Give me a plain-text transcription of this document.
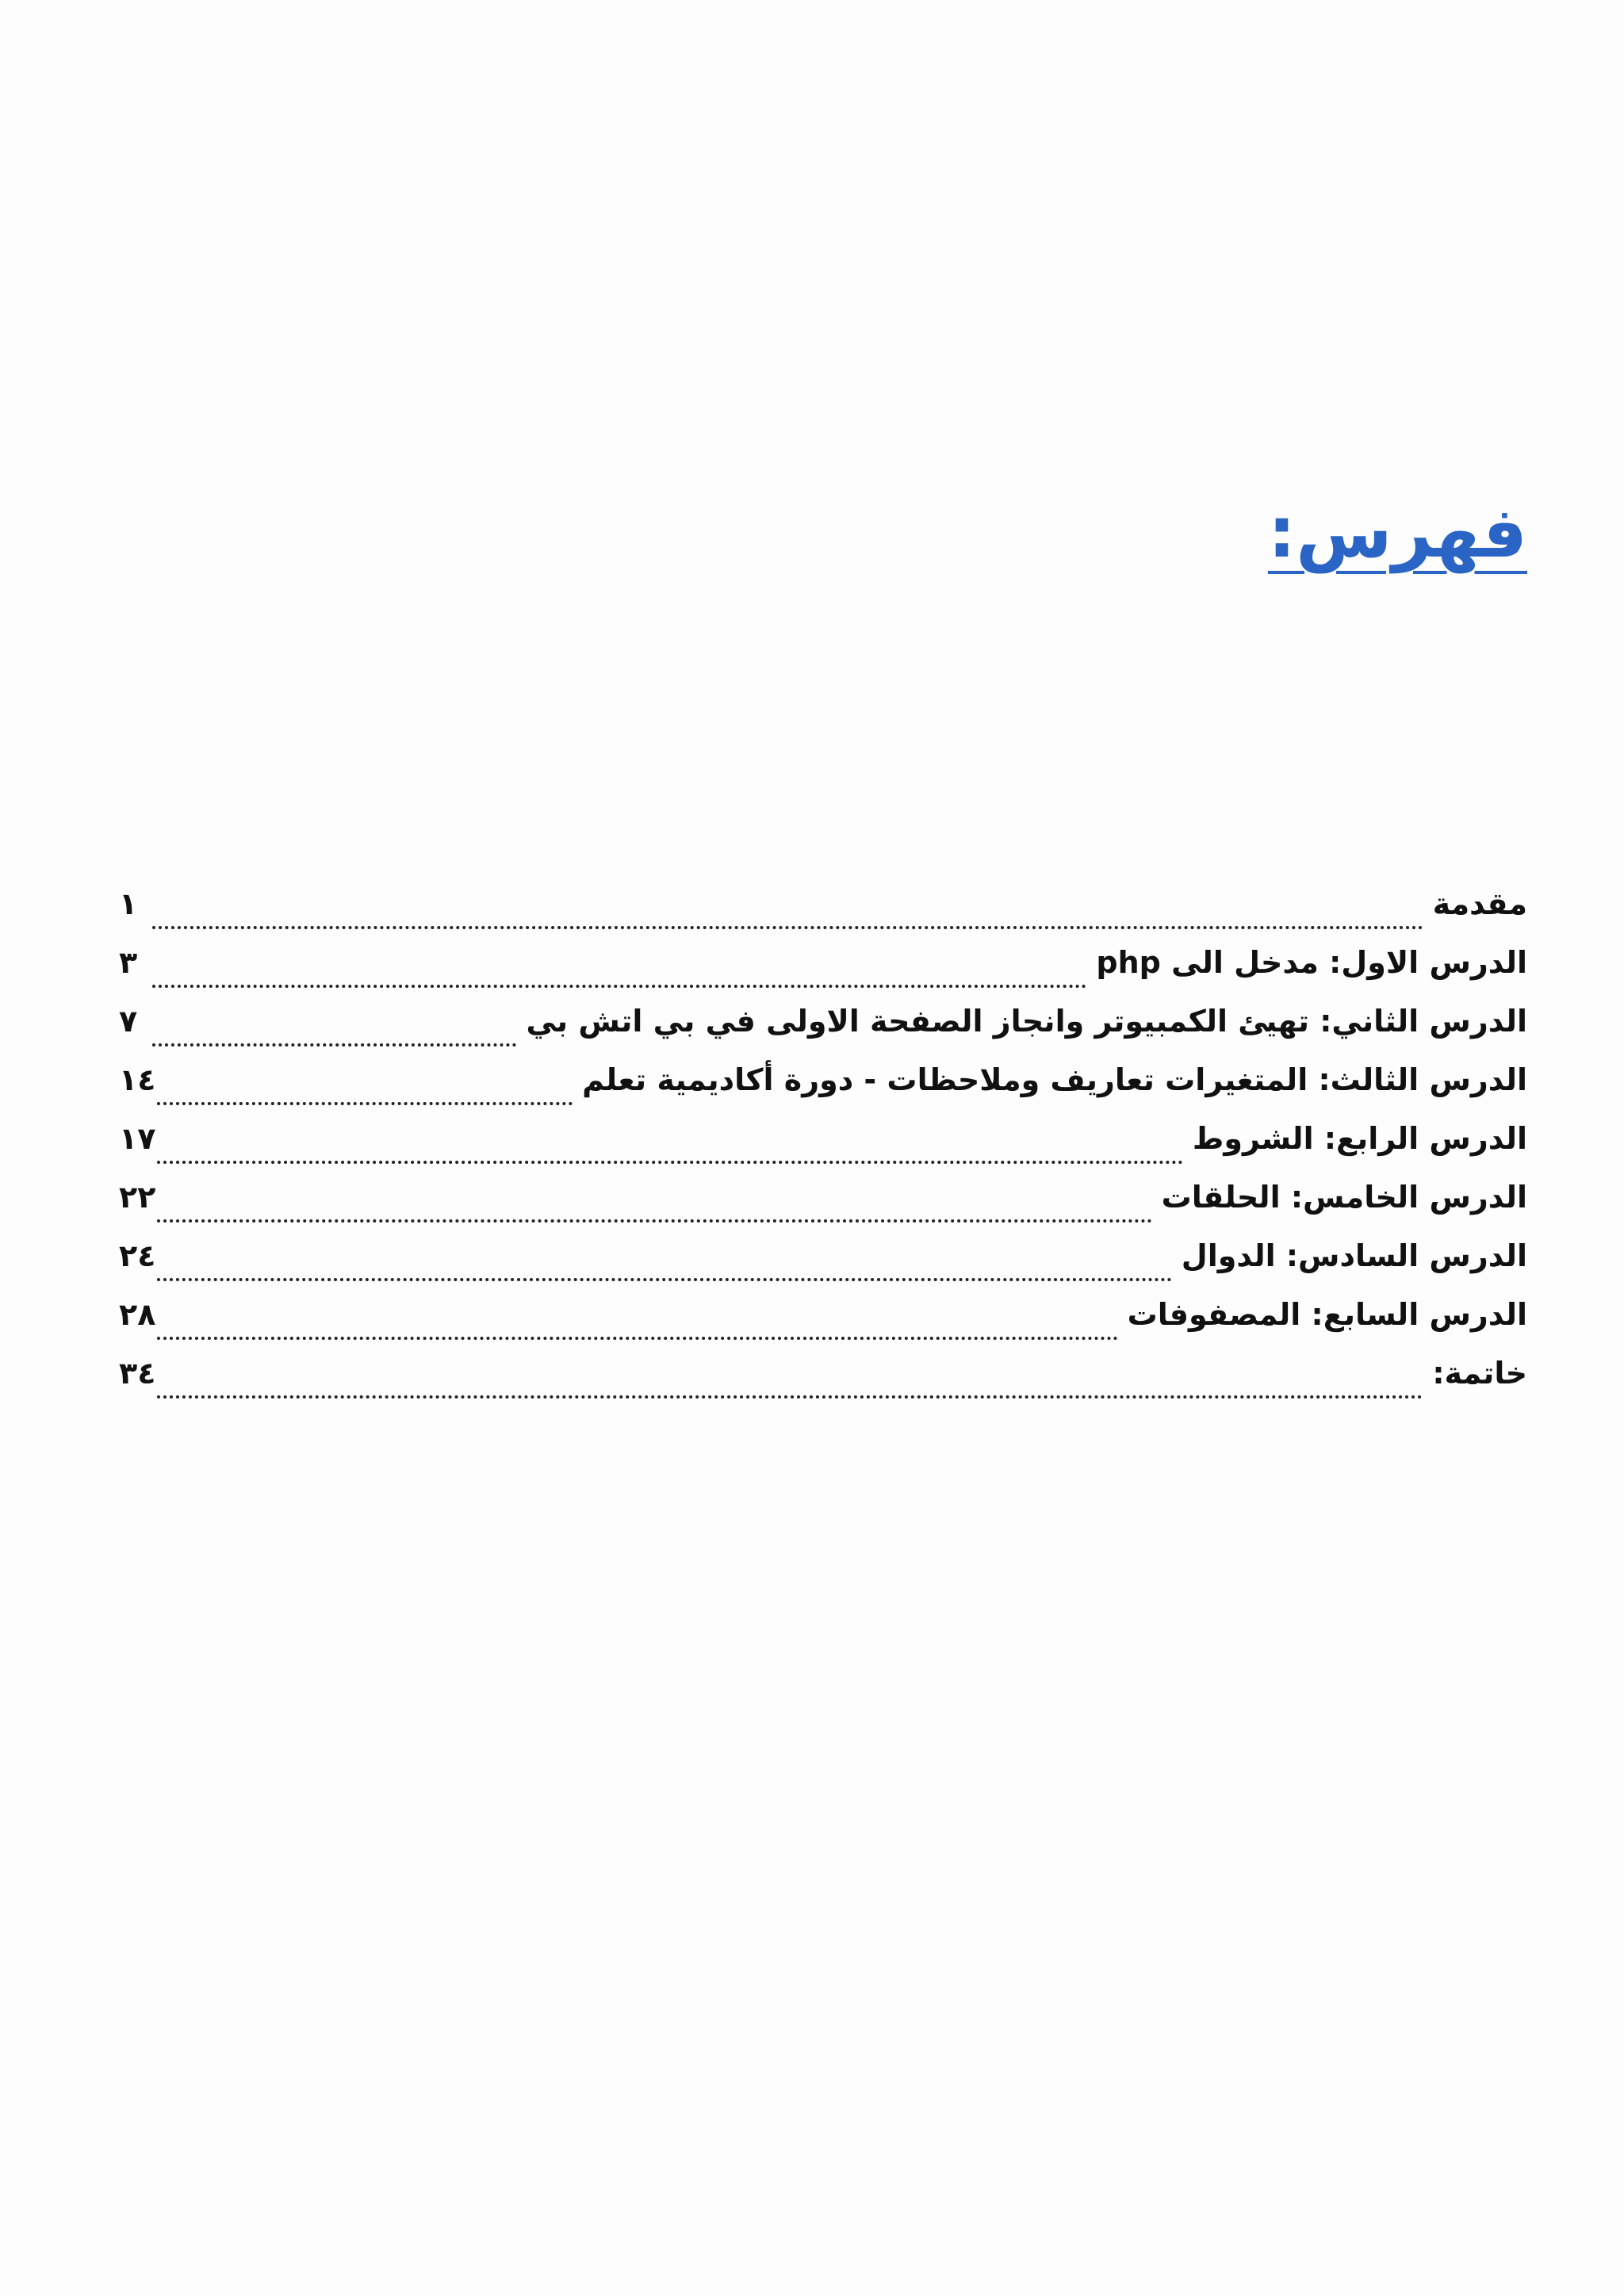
فهرس:
مقدمة
١
الدرس الاول: مدخل الى php
٣
الدرس الثاني: تهيئ الكمبيوتر وانجاز الصفحة الاولى في بي اتش بي
٧
الدرس الثالث: المتغيرات تعاريف وملاحظات - دورة أكاديمية تعلم
١٤
الدرس الرابع: الشروط
١٧
الدرس الخامس: الحلقات
٢٢
الدرس السادس: الدوال
٢٤
الدرس السابع: المصفوفات
٢٨
خاتمة:
٣٤
